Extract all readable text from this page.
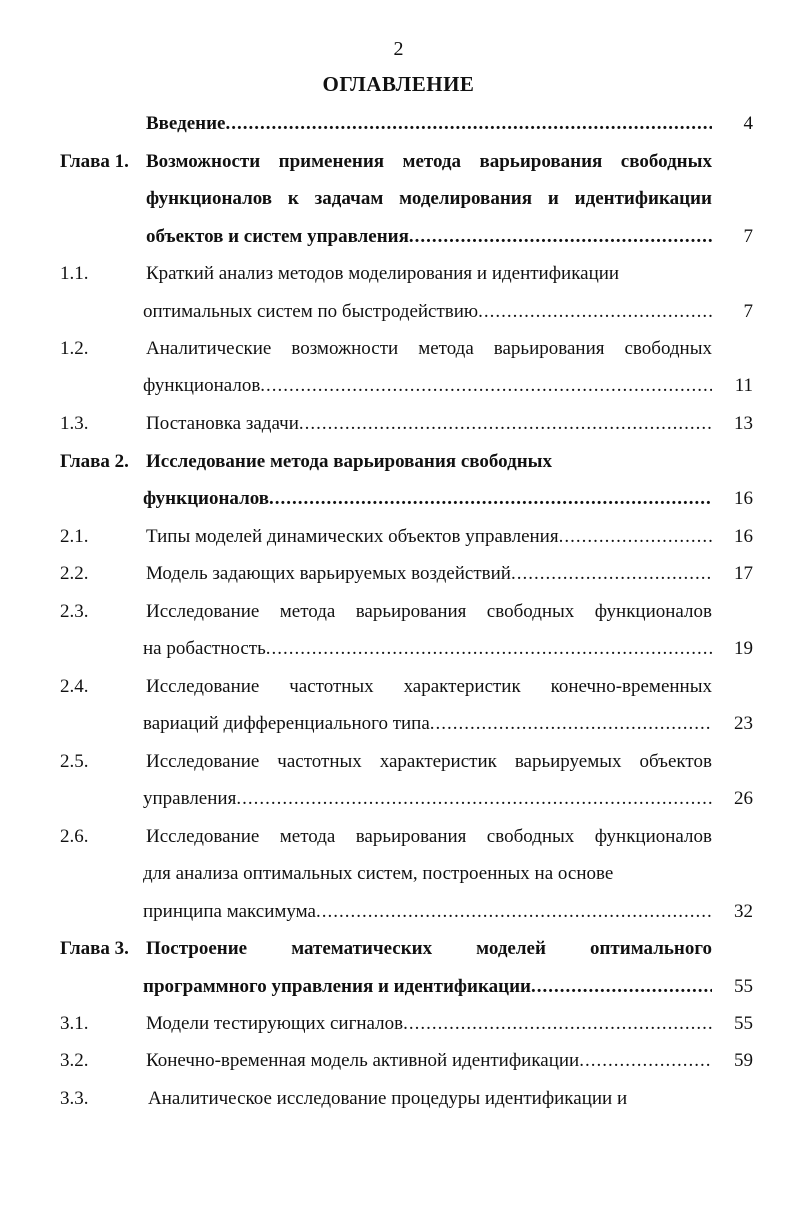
2
ОГЛАВЛЕНИЕ
Введение .....	4
Глава 1. Возможности применения метода варьирования свободных
функционалов к задачам моделирования и идентификации
объектов и систем управления .....	7
1.1.	Краткий анализ методов моделирования и идентификации
оптимальных систем по быстродействию .....	7
1.2.	Аналитические возможности метода варьирования свободных
функционалов .....	11
1.3.	Постановка задачи .....	13
Глава 2. Исследование метода варьирования свободных
функционалов .....	16
2.1.	Типы моделей динамических объектов управления .....	16
2.2.	Модель задающих варьируемых воздействий .....	17
2.3.	Исследование метода варьирования свободных функционалов
на робастность .....	19
2.4.	Исследование частотных характеристик конечно-временных
вариаций дифференциального типа .....	23
2.5.	Исследование частотных характеристик варьируемых объектов
управления .....	26
2.6.	Исследование метода варьирования свободных функционалов
для анализа оптимальных систем, построенных на основе
принципа максимума .....	32
Глава 3. Построение математических моделей оптимального
программного управления и идентификации .....	55
3.1.	Модели тестирующих сигналов .....	55
3.2.	Конечно-временная модель активной идентификации .....	59
3.3.	Аналитическое исследование процедуры идентификации и
